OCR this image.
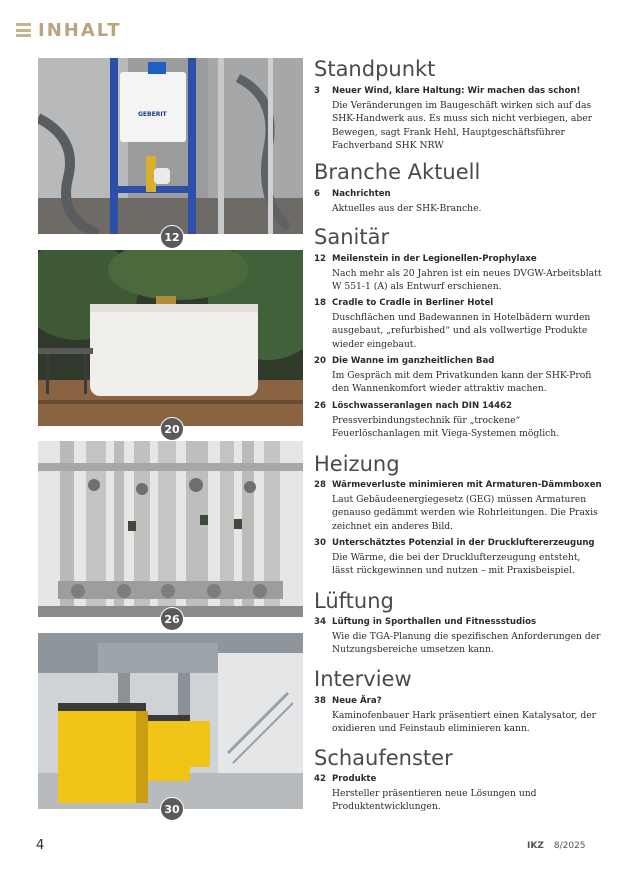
INHALT
GEBERIT
12
20
26
30
Standpunkt
3 Neuer Wind, klare Haltung: Wir machen das schon!
Die Veränderungen im Baugeschäft wirken sich auf das SHK-Handwerk aus. Es muss sich nicht verbiegen, aber Bewegen, sagt Frank Hehl, Hauptgeschäftsführer Fachverband SHK NRW
Branche Aktuell
6 Nachrichten
Aktuelles aus der SHK-Branche.
Sanitär
12 Meilenstein in der Legionellen-Prophylaxe
Nach mehr als 20 Jahren ist ein neues DVGW-Arbeitsblatt W 551-1 (A) als Entwurf erschienen.
18 Cradle to Cradle in Berliner Hotel
Duschflächen und Badewannen in Hotelbädern wurden ausgebaut, „refurbished“ und als vollwertige Produkte wieder eingebaut.
20 Die Wanne im ganzheitlichen Bad
Im Gespräch mit dem Privatkunden kann der SHK-Profi den Wannenkomfort wieder attraktiv machen.
26 Löschwasseranlagen nach DIN 14462
Pressverbindungstechnik für „trockene“ Feuerlöschanlagen mit Viega-Systemen möglich.
Heizung
28 Wärmeverluste minimieren mit Armaturen-Dämmboxen
Laut Gebäudeenergiegesetz (GEG) müssen Armaturen genauso gedämmt werden wie Rohrleitungen. Die Praxis zeichnet ein anderes Bild.
30 Unterschätztes Potenzial in der Druckluftererzeugung
Die Wärme, die bei der Drucklufterzeugung entsteht, lässt rückgewinnen und nutzen – mit Praxisbeispiel.
Lüftung
34 Lüftung in Sporthallen und Fitnessstudios
Wie die TGA-Planung die spezifischen Anforderungen der Nutzungsbereiche umsetzen kann.
Interview
38 Neue Ära?
Kaminofenbauer Hark präsentiert einen Katalysator, der oxidieren und Feinstaub eliminieren kann.
Schaufenster
42 Produkte
Hersteller präsentieren neue Lösungen und Produktentwicklungen.
4	IKZ 8/2025
